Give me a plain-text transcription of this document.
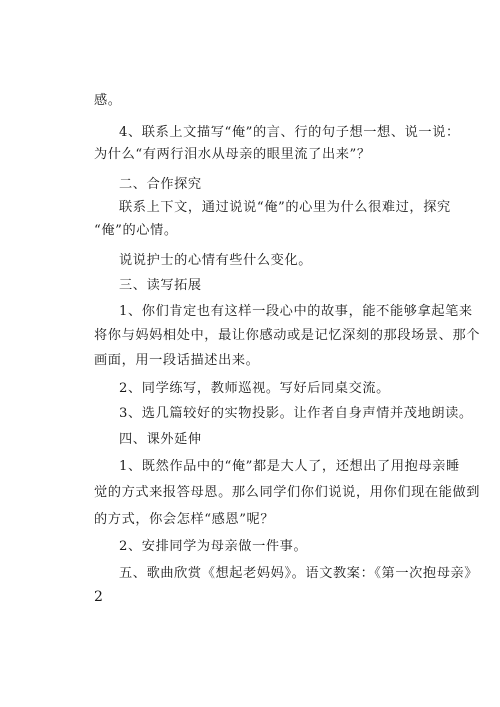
感。
4、联系上文描写“俺”的言、行的句子想一想、说一说：
为什么“有两行泪水从母亲的眼里流了出来”？
二、合作探究
联系上下文，通过说说“俺”的心里为什么很难过，探究
“俺”的心情。
说说护士的心情有些什么变化。
三、读写拓展
1、你们肯定也有这样一段心中的故事，能不能够拿起笔来
将你与妈妈相处中，最让你感动或是记忆深刻的那段场景、那个
画面，用一段话描述出来。
2、同学练写，教师巡视。写好后同桌交流。
3、选几篇较好的实物投影。让作者自身声情并茂地朗读。
四、课外延伸
1、既然作品中的“俺”都是大人了，还想出了用抱母亲睡
觉的方式来报答母恩。那么同学们你们说说，用你们现在能做到
的方式，你会怎样“感恩”呢？
2、安排同学为母亲做一件事。
五、歌曲欣赏《想起老妈妈》。语文教案：《第一次抱母亲》
2
